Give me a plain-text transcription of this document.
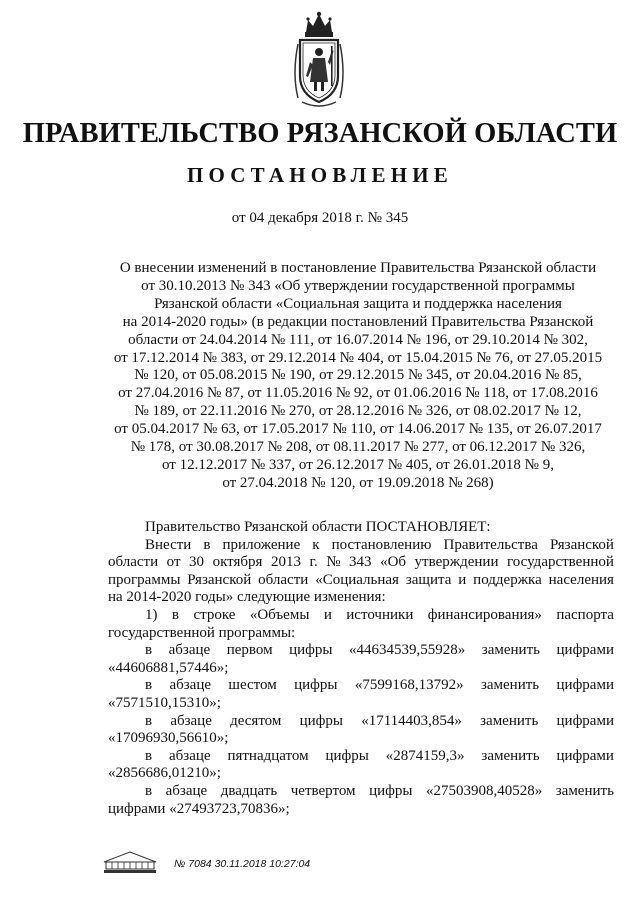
ПРАВИТЕЛЬСТВО РЯЗАНСКОЙ ОБЛАСТИ
ПОСТАНОВЛЕНИЕ
от 04 декабря 2018 г. № 345
О внесении изменений в постановление Правительства Рязанской области
от 30.10.2013 № 343 «Об утверждении государственной программы
Рязанской области «Социальная защита и поддержка населения
на 2014-2020 годы» (в редакции постановлений Правительства Рязанской
области от 24.04.2014 № 111, от 16.07.2014 № 196, от 29.10.2014 № 302,
от 17.12.2014 № 383, от 29.12.2014 № 404, от 15.04.2015 № 76, от 27.05.2015
№ 120, от 05.08.2015 № 190, от 29.12.2015 № 345, от 20.04.2016 № 85,
от 27.04.2016 № 87, от 11.05.2016 № 92, от 01.06.2016 № 118, от 17.08.2016
№ 189, от 22.11.2016 № 270, от 28.12.2016 № 326, от 08.02.2017 № 12,
от 05.04.2017 № 63, от 17.05.2017 № 110, от 14.06.2017 № 135, от 26.07.2017
№ 178, от 30.08.2017 № 208, от 08.11.2017 № 277, от 06.12.2017 № 326,
от 12.12.2017 № 337, от 26.12.2017 № 405, от 26.01.2018 № 9,
от 27.04.2018 № 120, от 19.09.2018 № 268)
Правительство Рязанской области ПОСТАНОВЛЯЕТ:
Внести в приложение к постановлению Правительства Рязанской
области от 30 октября 2013 г. № 343 «Об утверждении государственной
программы Рязанской области «Социальная защита и поддержка населения
на 2014-2020 годы» следующие изменения:
1) в строке «Объемы и источники финансирования» паспорта
государственной программы:
в абзаце первом цифры «44634539,55928» заменить цифрами
«44606881,57446»;
в абзаце шестом цифры «7599168,13792» заменить цифрами
«7571510,15310»;
в абзаце десятом цифры «17114403,854» заменить цифрами
«17096930,56610»;
в абзаце пятнадцатом цифры «2874159,3» заменить цифрами
«2856686,01210»;
в абзаце двадцать четвертом цифры «27503908,40528» заменить
цифрами «27493723,70836»;
№ 7084 30.11.2018 10:27:04
